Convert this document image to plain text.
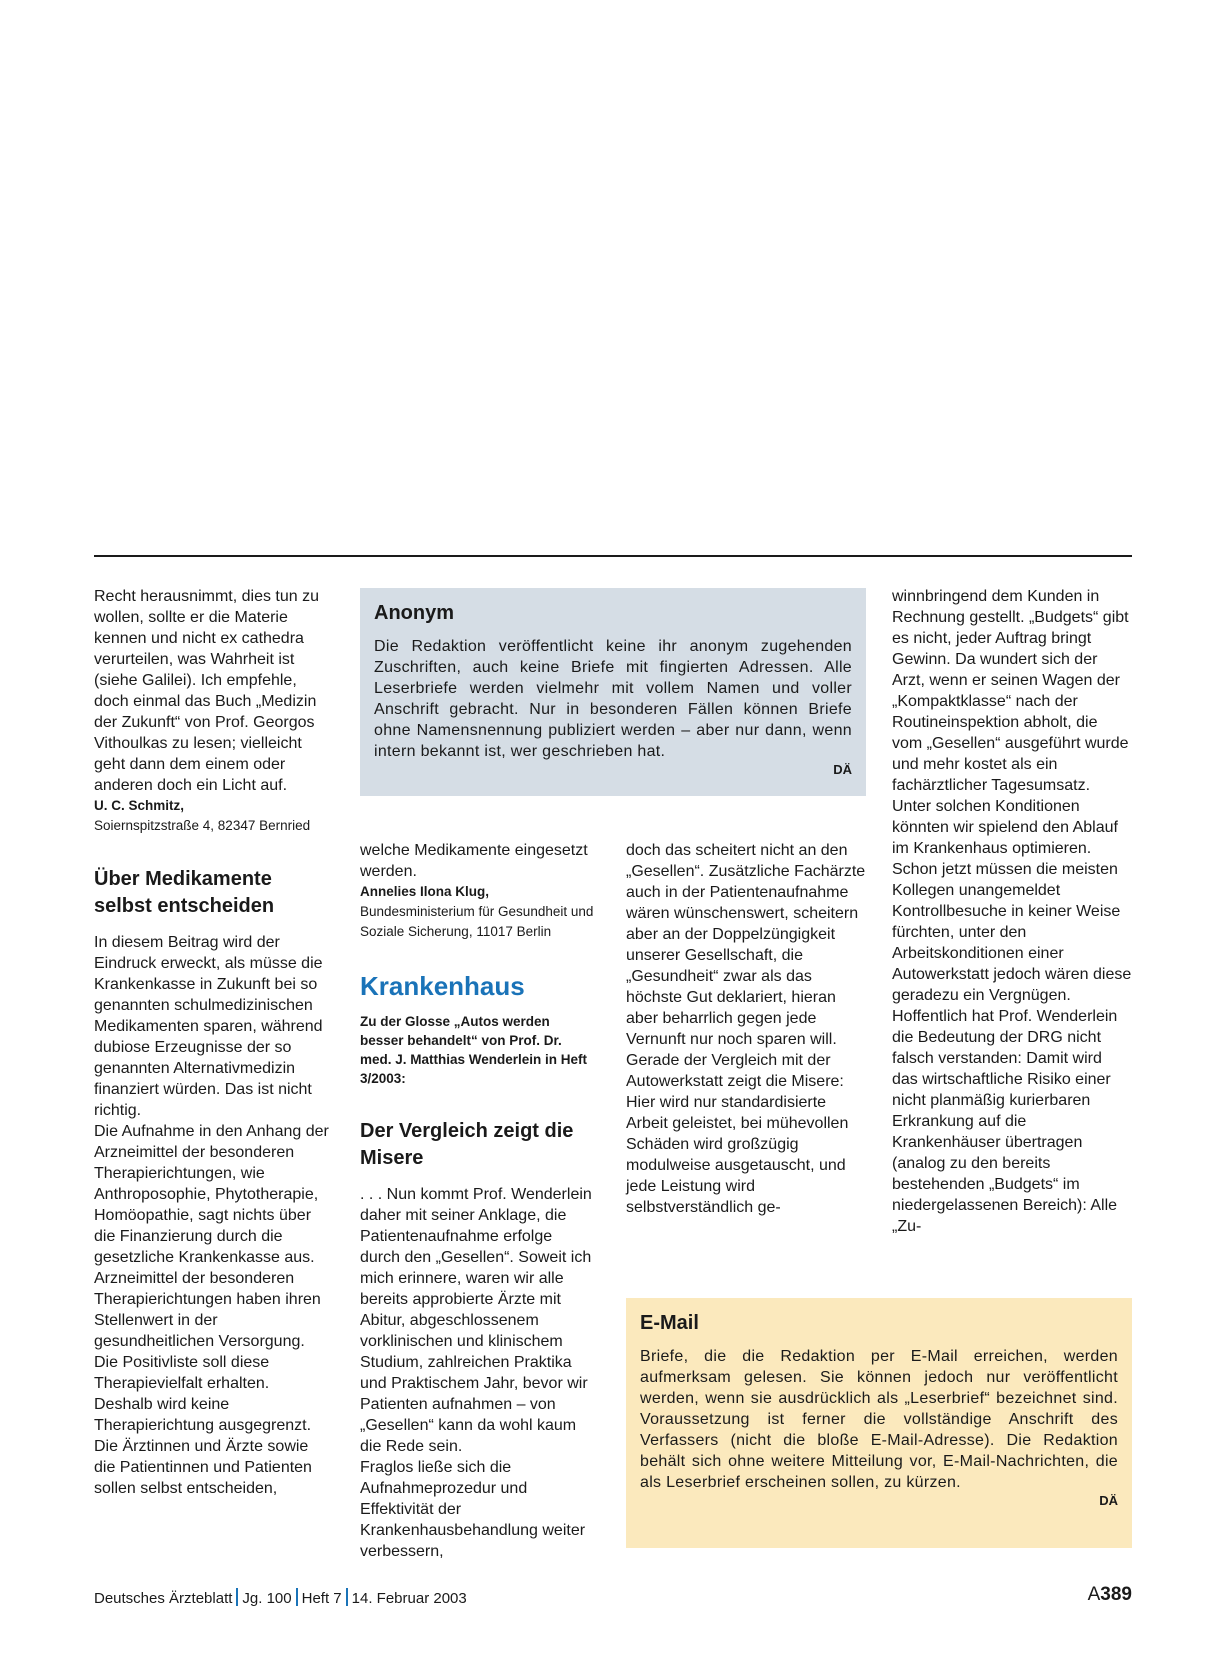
Recht herausnimmt, dies tun zu wollen, sollte er die Materie kennen und nicht ex cathedra verurteilen, was Wahrheit ist (siehe Galilei). Ich empfehle, doch einmal das Buch „Medizin der Zukunft“ von Prof. Georgos Vithoulkas zu lesen; vielleicht geht dann dem einem oder anderen doch ein Licht auf.

U. C. Schmitz,

Soiernspitzstraße 4, 82347 Bernried

Über Medikamente selbst entscheiden

In diesem Beitrag wird der Eindruck erweckt, als müsse die Krankenkasse in Zukunft bei so genannten schulmedizinischen Medikamenten sparen, während dubiose Erzeugnisse der so genannten Alternativmedizin finanziert würden. Das ist nicht richtig.

Die Aufnahme in den Anhang der Arzneimittel der besonderen Therapierichtungen, wie Anthroposophie, Phytotherapie, Homöopathie, sagt nichts über die Finanzierung durch die gesetzliche Krankenkasse aus.

Arzneimittel der besonderen Therapierichtungen haben ihren Stellenwert in der gesundheitlichen Versorgung. Die Positivliste soll diese Therapievielfalt erhalten. Deshalb wird keine Therapierichtung ausgegrenzt. Die Ärztinnen und Ärzte sowie die Patientinnen und Patienten sollen selbst entscheiden,

Anonym

Die Redaktion veröffentlicht keine ihr anonym zugehenden Zuschriften, auch keine Briefe mit fingierten Adressen. Alle Leserbriefe werden vielmehr mit vollem Namen und voller Anschrift gebracht. Nur in besonderen Fällen können Briefe ohne Namensnennung publiziert werden – aber nur dann, wenn intern bekannt ist, wer geschrieben hat.

DÄ

welche Medikamente eingesetzt werden.

Annelies Ilona Klug,

Bundesministerium für Gesundheit und Soziale Sicherung, 11017 Berlin

Krankenhaus

Zu der Glosse „Autos werden besser behandelt“ von Prof. Dr. med. J. Matthias Wenderlein in Heft 3/2003:

Der Vergleich zeigt die Misere

. . . Nun kommt Prof. Wenderlein daher mit seiner Anklage, die Patientenaufnahme erfolge durch den „Gesellen“. Soweit ich mich erinnere, waren wir alle bereits approbierte Ärzte mit Abitur, abgeschlossenem vorklinischen und klinischem Studium, zahlreichen Praktika und Praktischem Jahr, bevor wir Patienten aufnahmen – von „Gesellen“ kann da wohl kaum die Rede sein.

Fraglos ließe sich die Aufnahmeprozedur und Effektivität der Krankenhausbehandlung weiter verbessern,

doch das scheitert nicht an den „Gesellen“. Zusätzliche Fachärzte auch in der Patientenaufnahme wären wünschenswert, scheitern aber an der Doppelzüngigkeit unserer Gesellschaft, die „Gesundheit“ zwar als das höchste Gut deklariert, hieran aber beharrlich gegen jede Vernunft nur noch sparen will.

Gerade der Vergleich mit der Autowerkstatt zeigt die Misere: Hier wird nur standardisierte Arbeit geleistet, bei mühevollen Schäden wird großzügig modulweise ausgetauscht, und jede Leistung wird selbstverständlich ge-

winnbringend dem Kunden in Rechnung gestellt. „Budgets“ gibt es nicht, jeder Auftrag bringt Gewinn. Da wundert sich der Arzt, wenn er seinen Wagen der „Kompaktklasse“ nach der Routineinspektion abholt, die vom „Gesellen“ ausgeführt wurde und mehr kostet als ein fachärztlicher Tagesumsatz.

Unter solchen Konditionen könnten wir spielend den Ablauf im Krankenhaus optimieren. Schon jetzt müssen die meisten Kollegen unangemeldet Kontrollbesuche in keiner Weise fürchten, unter den Arbeitskonditionen einer Autowerkstatt jedoch wären diese geradezu ein Vergnügen. Hoffentlich hat Prof. Wenderlein die Bedeutung der DRG nicht falsch verstanden: Damit wird das wirtschaftliche Risiko einer nicht planmäßig kurierbaren Erkrankung auf die Krankenhäuser übertragen (analog zu den bereits bestehenden „Budgets“ im niedergelassenen Bereich): Alle „Zu-

E-Mail

Briefe, die die Redaktion per E-Mail erreichen, werden aufmerksam gelesen. Sie können jedoch nur veröffentlicht werden, wenn sie ausdrücklich als „Leserbrief“ bezeichnet sind. Voraussetzung ist ferner die vollständige Anschrift des Verfassers (nicht die bloße E-Mail-Adresse). Die Redaktion behält sich ohne weitere Mitteilung vor, E-Mail-Nachrichten, die als Leserbrief erscheinen sollen, zu kürzen.

DÄ

Deutsches Ärzteblatt Jg. 100 Heft 7 14. Februar 2003	A389
